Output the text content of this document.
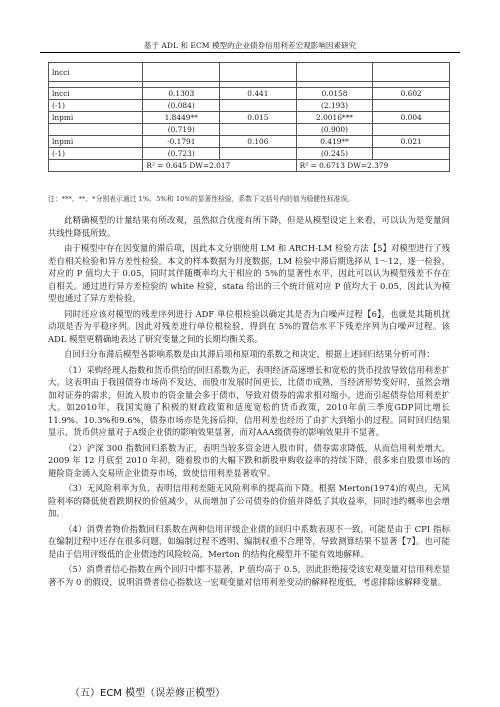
基于 ADL 和 ECM 模型的企业债券信用利差宏观影响因素研究
lncci				

lncci	0.1303	0.441	0.0158	0.602
(-1)	(0.084)		(2.193)	
lnpmi	1.8449**	0.015	2.0016***	0.004
	(0.719)		(0.900)	
lnpmi	-0.1791	0.106	0.419**	0.021
(-1)	(0.723)		(0.245)	
	R² = 0.645 DW=2.017		R² = 0.6713 DW=2.379	
注：***、**、*分别表示通过 1%、5%和 10%的显著性检验，系数下文括号内的值为稳健性标准误。

此精确模型的计量结果有所改观，虽然拟合优度有所下降，但是从模型设定上来看，可以认为是变量间共线性降低所致。

由于模型中存在因变量的滞后项，因此本文分别使用 LM 和 ARCH-LM 检验方法【5】对模型进行了残差自相关检验和异方差性检验。本文的样本数据为月度数据，LM 检验中滞后期选择从 1～12，逐一检验，对应的 P 值均大于 0.05，同时其伴随概率均大于相应的 5%的显著性水平，因此可以认为模型残差不存在自相关。通过进行异方差检验的 white 检验，stata 给出的三个统计值对应 P 值均大于 0.05，因此认为模型也通过了异方差检验。

同时还应该对模型的残差序列进行 ADF 单位根检验以确定其是否为白噪声过程【6】，也就是其随机扰动项是否为平稳序列。因此对残差进行单位根检验，得到在 5%的置信水平下残差序列为白噪声过程。该 ADL 模型更精确地表达了研究变量之间的长期均衡关系。

自回归分布滞后模型各影响系数是由其滞后项和原项的系数之和决定，根据上述回归结果分析可得：

（1）采购经理人指数和货币供给的回归系数为正，表明经济高速增长和宽松的货币投放导致信用利差扩大。这表明由于我国债券市场尚不发达，而股市发展时间更长，比债市成熟，当经济形势变好时，虽然会增加对证券的需求，但流入股市的资金量会多于债市，导致对债券的需求相对缩小，进而引起债券信用利差扩大。如2010年，我国实施了积极的财政政策和适度宽松的货币政策，2010年前三季度GDP同比增长11.9%、10.3%和9.6%，债券市场亦是先扬后抑，信用利差也经历了由扩大到缩小的过程。同时回归结果显示，货币供应量对于A级企业债的影响效果显著，而对AAA级债券的影响效果并不显著。

（2）沪深 300 指数回归系数为正，表明当较多资金进入股市时，债券需求降低，从而信用利差增大。2009 年 12 月底至 2010 年初，随着股市的大幅下跌和新股申购收益率的持续下降，很多来自股票市场的避险资金涌入交易所企业债券市场，致使信用利差显著收窄。

（3）无风险利率为负，表明信用利差随无风险利率的提高而下降。根据 Merton(1974)的观点，无风险利率的降低使看跌期权的价值减少，从而增加了公司债券的价值并降低了其收益率，同时违约概率也会增加。

（4）消费者物价指数回归系数在两种信用评级企业债的回归中系数表现不一致，可能是由于 CPI 指标在编制过程中还存在很多问题，如编制过程不透明、编制权重不合理等，导致测算结果不显著【7】。也可能是由于信用评级低的企业债违约风险较高，Merton 的结构化模型并不能有效地解释。

（5）消费者信心指数在两个回归中都不显著，P 值均高于 0.5，因此拒绝接受该宏观变量对信用利差显著不为 0 的假设，说明消费者信心指数这一宏观变量对信用利差变动的解释程度低，考虑排除该解释变量。

（五）ECM 模型（误差修正模型）
